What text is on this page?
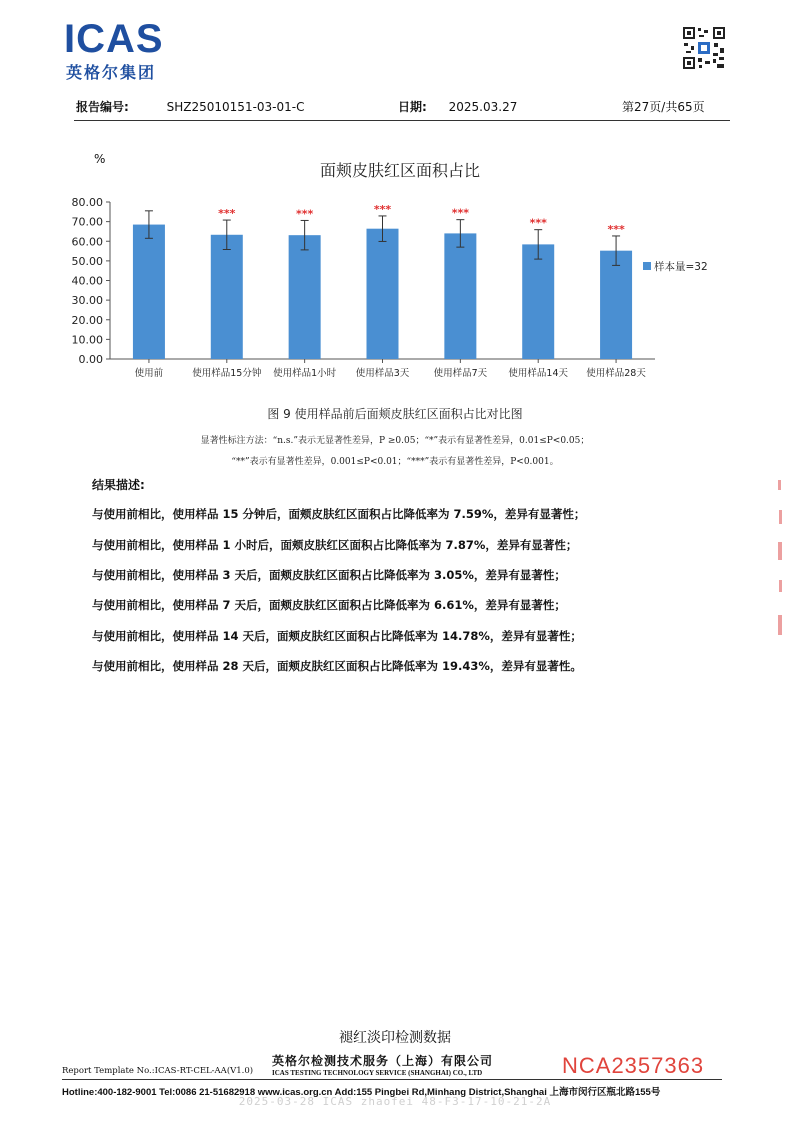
ICAS
英格尔集团
报告编号:	SHZ25010151-03-01-C	日期: 2025.03.27	第27页/共65页
%
面颊皮肤红区面积占比
0.00
10.00
20.00
30.00
40.00
50.00
60.00
70.00
80.00
使用前
***
使用样品15分钟
***
使用样品1小时
***
使用样品3天
***
使用样品7天
***
使用样品14天
***
使用样品28天
样本量=32
图 9 使用样品前后面颊皮肤红区面积占比对比图
显著性标注方法：“n.s.”表示无显著性差异，P ≥0.05；“*”表示有显著性差异，0.01≤P<0.05；
“**”表示有显著性差异，0.001≤P<0.01；“***”表示有显著性差异，P<0.001。
结果描述:
与使用前相比，使用样品 15 分钟后，面颊皮肤红区面积占比降低率为 7.59%，差异有显著性；
与使用前相比，使用样品 1 小时后，面颊皮肤红区面积占比降低率为 7.87%，差异有显著性；
与使用前相比，使用样品 3 天后，面颊皮肤红区面积占比降低率为 3.05%，差异有显著性；
与使用前相比，使用样品 7 天后，面颊皮肤红区面积占比降低率为 6.61%，差异有显著性；
与使用前相比，使用样品 14 天后，面颊皮肤红区面积占比降低率为 14.78%，差异有显著性；
与使用前相比，使用样品 28 天后，面颊皮肤红区面积占比降低率为 19.43%，差异有显著性。
褪红淡印检测数据
Report Template No.:ICAS-RT-CEL-AA(V1.0)
英格尔检测技术服务（上海）有限公司
ICAS TESTING TECHNOLOGY SERVICE (SHANGHAI) CO., LTD	NCA2357363
Hotline:400-182-9001 Tel:0086 21-51682918 www.icas.org.cn Add:155 Pingbei Rd,Minhang District,Shanghai 上海市闵行区瓶北路155号
2025-03-28 ICAS zhaofei 48-F3-17-10-21-2A
